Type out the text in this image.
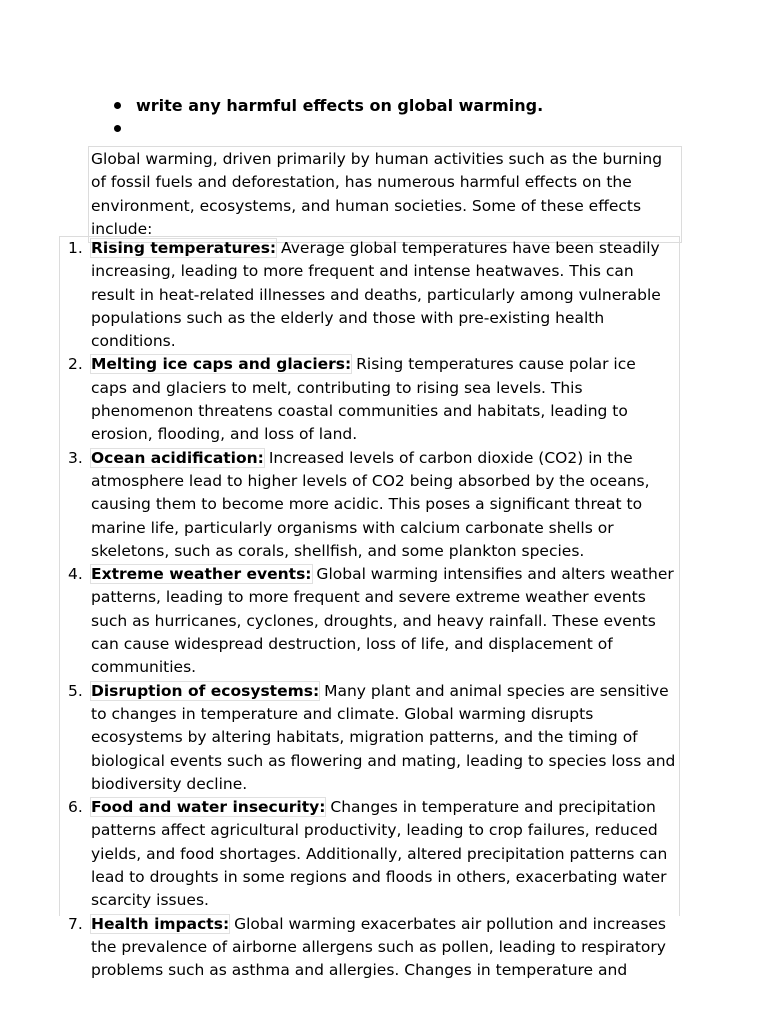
write any harmful effects on global warming.
Global warming, driven primarily by human activities such as the burning of fossil fuels and deforestation, has numerous harmful effects on the environment, ecosystems, and human societies. Some of these effects include:
1. Rising temperatures: Average global temperatures have been steadily increasing, leading to more frequent and intense heatwaves. This can result in heat-related illnesses and deaths, particularly among vulnerable populations such as the elderly and those with pre-existing health conditions.
2. Melting ice caps and glaciers: Rising temperatures cause polar ice caps and glaciers to melt, contributing to rising sea levels. This phenomenon threatens coastal communities and habitats, leading to erosion, flooding, and loss of land.
3. Ocean acidification: Increased levels of carbon dioxide (CO2) in the atmosphere lead to higher levels of CO2 being absorbed by the oceans, causing them to become more acidic. This poses a significant threat to marine life, particularly organisms with calcium carbonate shells or skeletons, such as corals, shellfish, and some plankton species.
4. Extreme weather events: Global warming intensifies and alters weather patterns, leading to more frequent and severe extreme weather events such as hurricanes, cyclones, droughts, and heavy rainfall. These events can cause widespread destruction, loss of life, and displacement of communities.
5. Disruption of ecosystems: Many plant and animal species are sensitive to changes in temperature and climate. Global warming disrupts ecosystems by altering habitats, migration patterns, and the timing of biological events such as flowering and mating, leading to species loss and biodiversity decline.
6. Food and water insecurity: Changes in temperature and precipitation patterns affect agricultural productivity, leading to crop failures, reduced yields, and food shortages. Additionally, altered precipitation patterns can lead to droughts in some regions and floods in others, exacerbating water scarcity issues.
7. Health impacts: Global warming exacerbates air pollution and increases the prevalence of airborne allergens such as pollen, leading to respiratory problems such as asthma and allergies. Changes in temperature and
